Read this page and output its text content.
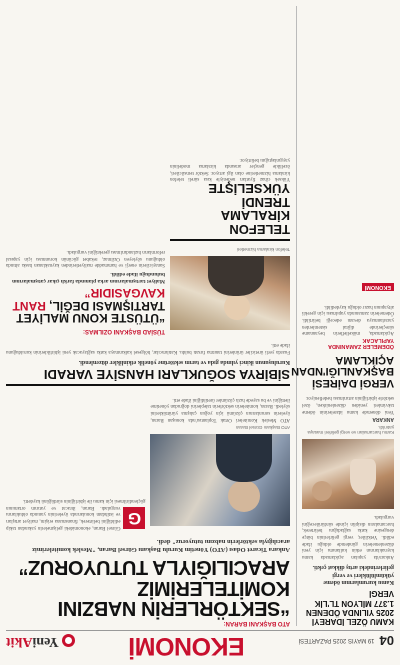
04
19 MAYIS 2025 PAZARTESİ
EKONOMİ
YeniAkit
KAMU ÖZEL İDAREYİ 2025 YILINDA ÖDENEN 1.377 MİLYON TL'LİK VERGİ
Kamu kurumlarının ödeme yükümlülükleri ve vergi gelirlerindeki artış dikkat çekti.

Ankara'da yapılan açıklamada kamu kaynaklarının etkin kullanımı için yeni düzenlemelerin gündemde olduğu ifade edildi. Yetkililer, vergi gelirlerinin bütçe dengesine katkı sağladığını belirterek, harcamaların disiplin içinde sürdürüleceğini vurguladı.

Kamu harcamaları ve vergi gelirleri masaya yatırıldı.
ANKARA

Yeni dönemde kamu idarelerinin ödeme takvimleri yeniden düzenlenirken, özel sektörle işbirliğinin artırılması hedefleniyor.

VERGİ DAİRESİ BAŞKANLIĞI'NDAN AÇIKLAMA
ÖDEMELER ZAMANINDA YAPILACAK

Açıklamada, mükelleflerin beyanname süreçlerinde dijital sistemlerden yararlanmaya devam edeceği belirtildi. Ödemelerin zamanında yapılması için gerekli altyapının hazır olduğu kaydedildi.

EKONOMİ
ATO BAŞKANI BARAN:
“SEKTÖRLERİN NABZINI KOMİTELERİMİZ ARACILIĞIYLA TUTUYORUZ”
Ankara Ticaret Odası (ATO) Yönetim Kurulu Başkanı Gürsel Baran, "Meslek komitelerimiz aracılığıyla sektörlerin nabzını tutuyoruz" dedi.
ATO Başkanı Gürsel Baran

ATO Meslek Komiteleri Ortak Toplantısı'nda konuşan Baran, üyelerin sorunlarının çözümü için yoğun çalışma yürüttüklerini söyledi. Baran, komitelerin sektörlerin taleplerini doğrudan yönetime ilettiğini ve bu sayede hızlı çözümler üretildiğini ifade etti.

G

Gürsel Baran, ekonomideki gelişmelerin yakından takip edildiğini belirterek, finansmana erişim, maliyet artışları ve istihdam konularında üyelerinin yanında olduklarını vurguladı. Baran, ihracat ve yatırım ortamının güçlendirilmesi için kamu ile işbirliğinin sürdüğünü kaydetti.

SİBİRYA SOĞUKLARI HANSİYE VARADI
Kuruluşunun ikinci yılında gıda ve tarım sektörüne yönelik etkinlikler düzenlendi.

Fuarda yerli üreticiler ürünlerini tanıtma fırsatı buldu. Katılımcılar, bölgesel kalkınmaya katkı sağlayacak yeni işbirliklerinin kurulduğunu ifade etti.

Telefon kiralama hizmetleri
TELEFON KİRALAMA TRENDİ YÜKSELİŞTE

Yüksek cihaz fiyatları nedeniyle kısa süreli telefon kiralama hizmetlerine olan ilgi artıyor. Sektör temsilcileri, özellikle gençler arasında kiralama modelinin yaygınlaştığını belirtiyor.

TÜSİAD BAŞKANI OZILMAS:
“ÜTÜSTE KONU MALİYET TARTIŞMASI DEĞİL, RANT KAVGASIDIR”
Maliyet tartışmalarının arka planında farklı çıkar çatışmalarının bulunduğu ifade edildi.

Sanayicilerin enerji ve hammadde maliyetlerinden kaynaklanan baskı altında olduğunu söyleyen Ozilmaz, rekabet gücünün korunması için yapısal reformların hızlandırılması gerektiğini vurguladı.
